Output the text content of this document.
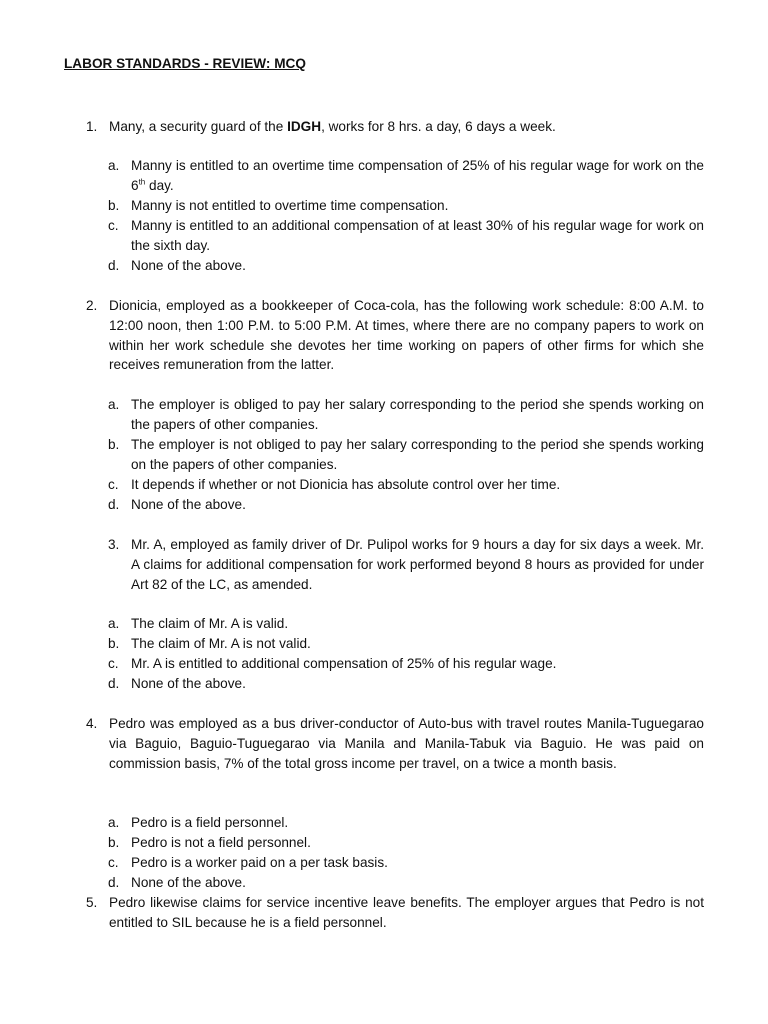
LABOR STANDARDS - REVIEW: MCQ
1. Many, a security guard of the IDGH, works for 8 hrs. a day, 6 days a week.
a. Manny is entitled to an overtime time compensation of 25% of his regular wage for work on the 6th day.
b. Manny is not entitled to overtime time compensation.
c. Manny is entitled to an additional compensation of at least 30% of his regular wage for work on the sixth day.
d. None of the above.
2. Dionicia, employed as a bookkeeper of Coca-cola, has the following work schedule: 8:00 A.M. to 12:00 noon, then 1:00 P.M. to 5:00 P.M. At times, where there are no company papers to work on within her work schedule she devotes her time working on papers of other firms for which she receives remuneration from the latter.
a. The employer is obliged to pay her salary corresponding to the period she spends working on the papers of other companies.
b. The employer is not obliged to pay her salary corresponding to the period she spends working on the papers of other companies.
c. It depends if whether or not Dionicia has absolute control over her time.
d. None of the above.
3. Mr. A, employed as family driver of Dr. Pulipol works for 9 hours a day for six days a week. Mr. A claims for additional compensation for work performed beyond 8 hours as provided for under Art 82 of the LC, as amended.
a. The claim of Mr. A is valid.
b. The claim of Mr. A is not valid.
c. Mr. A is entitled to additional compensation of 25% of his regular wage.
d. None of the above.
4. Pedro was employed as a bus driver-conductor of Auto-bus with travel routes Manila-Tuguegarao via Baguio, Baguio-Tuguegarao via Manila and Manila-Tabuk via Baguio. He was paid on commission basis, 7% of the total gross income per travel, on a twice a month basis.
a. Pedro is a field personnel.
b. Pedro is not a field personnel.
c. Pedro is a worker paid on a per task basis.
d. None of the above.
5. Pedro likewise claims for service incentive leave benefits. The employer argues that Pedro is not entitled to SIL because he is a field personnel.
